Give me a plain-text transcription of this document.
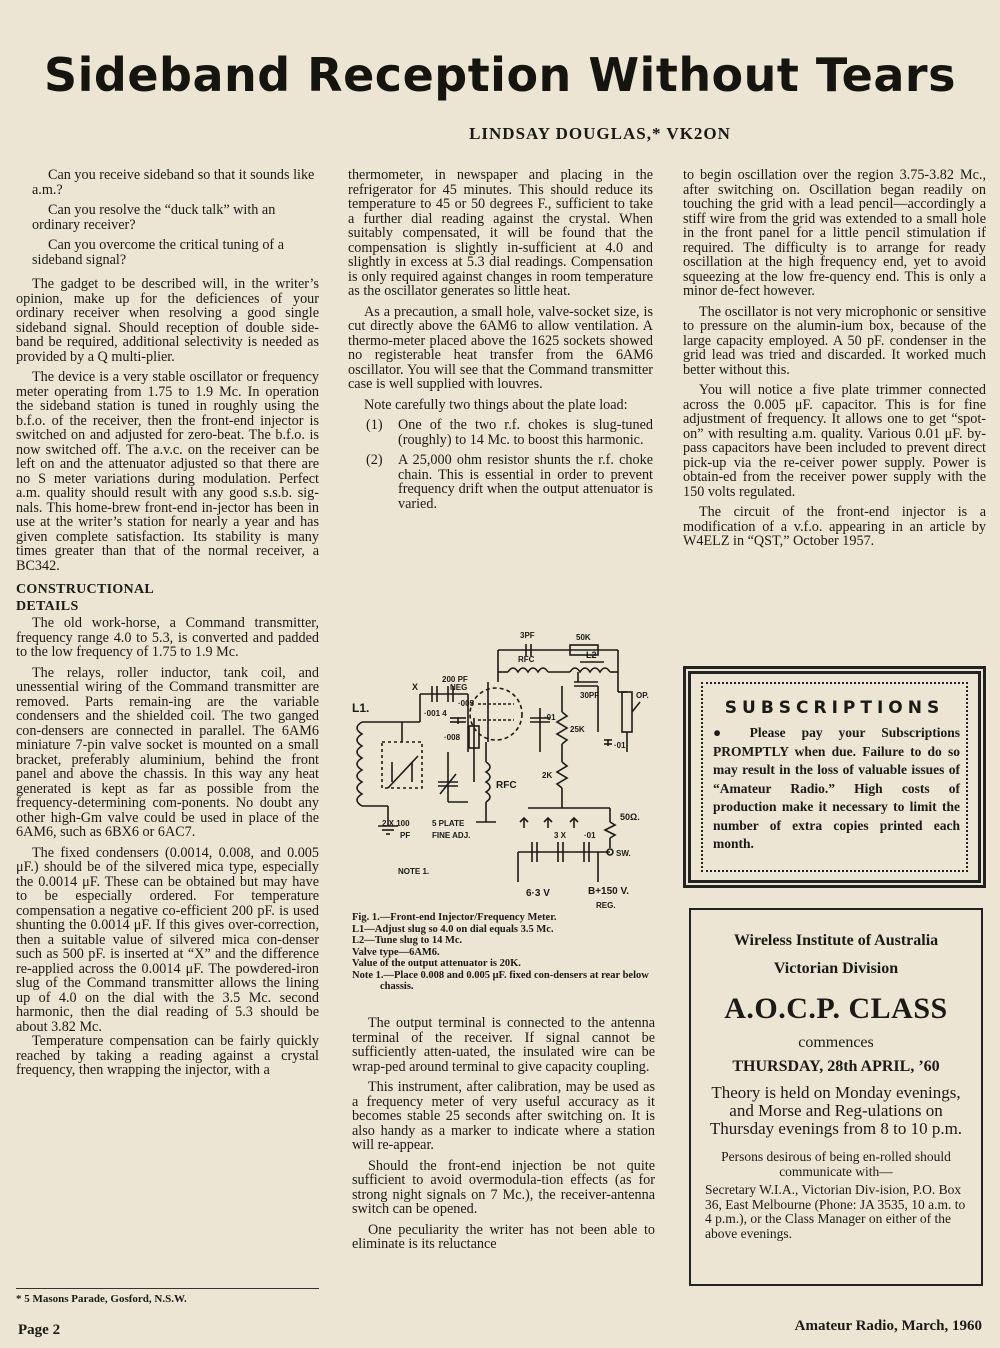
Sideband Reception Without Tears
LINDSAY DOUGLAS,* VK2ON

Can you receive sideband so that it sounds like a.m.?

Can you resolve the “duck talk” with an ordinary receiver?

Can you overcome the critical tuning of a sideband signal?

The gadget to be described will, in the writer’s opinion, make up for the deficiences of your ordinary receiver when resolving a good single sideband signal. Should reception of double side-band be required, additional selectivity is needed as provided by a Q multi-plier.

The device is a very stable oscillator or frequency meter operating from 1.75 to 1.9 Mc. In operation the sideband station is tuned in roughly using the b.f.o. of the receiver, then the front-end injector is switched on and adjusted for zero-beat. The b.f.o. is now switched off. The a.v.c. on the receiver can be left on and the attenuator adjusted so that there are no S meter variations during modulation. Perfect a.m. quality should result with any good s.s.b. sig-nals. This home-brew front-end in-jector has been in use at the writer’s station for nearly a year and has given complete satisfaction. Its stability is many times greater than that of the normal receiver, a BC342.

CONSTRUCTIONAL
DETAILS

The old work-horse, a Command transmitter, frequency range 4.0 to 5.3, is converted and padded to the low frequency of 1.75 to 1.9 Mc.

The relays, roller inductor, tank coil, and unessential wiring of the Command transmitter are removed. Parts remain-ing are the variable condensers and the shielded coil. The two ganged con-densers are connected in parallel. The 6AM6 miniature 7-pin valve socket is mounted on a small bracket, preferably aluminium, behind the front panel and above the chassis. In this way any heat generated is kept as far as possible from the frequency-determining com-ponents. No doubt any other high-Gm valve could be used in place of the 6AM6, such as 6BX6 or 6AC7.

The fixed condensers (0.0014, 0.008, and 0.005 μF.) should be of the silvered mica type, especially the 0.0014 μF. These can be obtained but may have to be especially ordered. For temperature compensation a negative co-efficient 200 pF. is used shunting the 0.0014 μF. If this gives over-correction, then a suitable value of silvered mica con-denser such as 500 pF. is inserted at “X” and the difference re-applied across the 0.0014 μF. The powdered-iron slug of the Command transmitter allows the lining up of 4.0 on the dial with the 3.5 Mc. second harmonic, then the dial reading of 5.3 should be about 3.82 Mc.

Temperature compensation can be fairly quickly reached by taking a reading against a crystal frequency, then wrapping the injector, with a

* 5 Masons Parade, Gosford, N.S.W.

thermometer, in newspaper and placing in the refrigerator for 45 minutes. This should reduce its temperature to 45 or 50 degrees F., sufficient to take a further dial reading against the crystal. When suitably compensated, it will be found that the compensation is slightly in-sufficient at 4.0 and slightly in excess at 5.3 dial readings. Compensation is only required against changes in room temperature as the oscillator generates so little heat.

As a precaution, a small hole, valve-socket size, is cut directly above the 6AM6 to allow ventilation. A thermo-meter placed above the 1625 sockets showed no registerable heat transfer from the 6AM6 oscillator. You will see that the Command transmitter case is well supplied with louvres.

Note carefully two things about the plate load:

(1)	One of the two r.f. chokes is slug-tuned (roughly) to 14 Mc. to boost this harmonic.
(2)	A 25,000 ohm resistor shunts the r.f. choke chain. This is essential in order to prevent frequency drift when the output attenuator is varied.
L1.
200 PF
NEG
X
·001 4
·008
·005
3PF	50K
RFC	L2
30PF	OP.
·01
25K
·01
2K
RFC
2 X 100
PF
5 PLATE
FINE ADJ.
NOTE 1.
50Ω.
3 X ·01
SW.
6·3 V	B+150 V.
REG.
Fig. 1.—Front-end Injector/Frequency Meter.
L1—Adjust slug so 4.0 on dial equals 3.5 Mc.
L2—Tune slug to 14 Mc.
Valve type—6AM6.
Value of the output attenuator is 20K.
Note 1.—Place 0.008 and 0.005 μF. fixed con-densers at rear below chassis.

The output terminal is connected to the antenna terminal of the receiver. If signal cannot be sufficiently atten-uated, the insulated wire can be wrap-ped around terminal to give capacity coupling.

This instrument, after calibration, may be used as a frequency meter of very useful accuracy as it becomes stable 25 seconds after switching on. It is also handy as a marker to indicate where a station will re-appear.

Should the front-end injection be not quite sufficient to avoid overmodula-tion effects (as for strong night signals on 7 Mc.), the receiver-antenna switch can be opened.

One peculiarity the writer has not been able to eliminate is its reluctance

to begin oscillation over the region 3.75-3.82 Mc., after switching on. Oscillation began readily on touching the grid with a lead pencil—accordingly a stiff wire from the grid was extended to a small hole in the front panel for a little pencil stimulation if required. The difficulty is to arrange for ready oscillation at the high frequency end, yet to avoid squeezing at the low fre-quency end. This is only a minor de-fect however.

The oscillator is not very microphonic or sensitive to pressure on the alumin-ium box, because of the large capacity employed. A 50 pF. condenser in the grid lead was tried and discarded. It worked much better without this.

You will notice a five plate trimmer connected across the 0.005 μF. capacitor. This is for fine adjustment of frequency. It allows one to get “spot-on” with resulting a.m. quality. Various 0.01 μF. by-pass capacitors have been included to prevent direct pick-up via the re-ceiver power supply. Power is obtain-ed from the receiver power supply with the 150 volts regulated.

The circuit of the front-end injector is a modification of a v.f.o. appearing in an article by W4ELZ in “QST,” October 1957.

SUBSCRIPTIONS
● Please pay your Subscriptions PROMPTLY when due. Failure to do so may result in the loss of valuable issues of “Amateur Radio.” High costs of production make it necessary to limit the number of extra copies printed each month.
Wireless Institute of Australia
Victorian Division
A.O.C.P. CLASS
commences
THURSDAY, 28th APRIL, ’60
Theory is held on Monday evenings, and Morse and Reg-ulations on Thursday evenings from 8 to 10 p.m.
Persons desirous of being en-rolled should communicate with—
Secretary W.I.A., Victorian Div-ision, P.O. Box 36, East Melbourne (Phone: JA 3535, 10 a.m. to 4 p.m.), or the Class Manager on either of the above evenings.
Page 2	Amateur Radio, March, 1960
